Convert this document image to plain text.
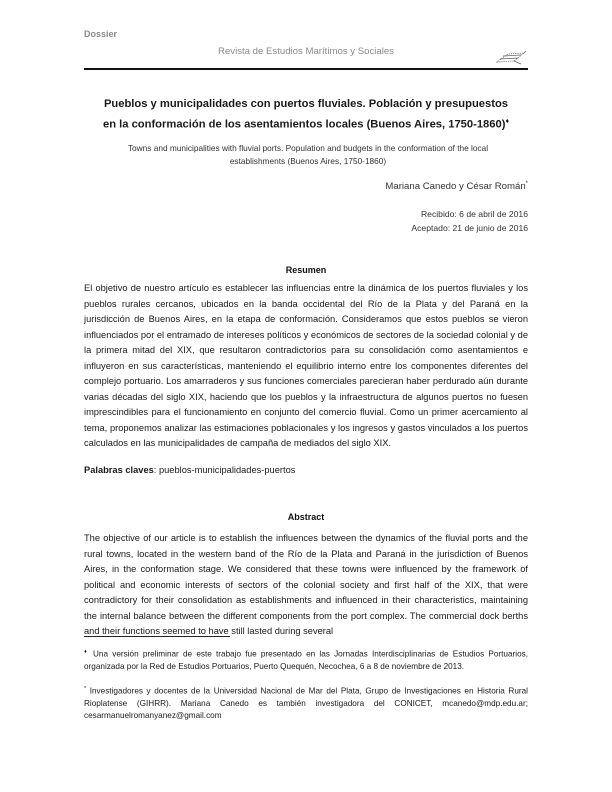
Dossier
Revista de Estudios Marítimos y Sociales
Pueblos y municipalidades con puertos fluviales. Población y presupuestos en la conformación de los asentamientos locales (Buenos Aires, 1750-1860)♦
Towns and municipalities with fluvial ports. Population and budgets in the conformation of the local establishments (Buenos Aires, 1750-1860)
Mariana Canedo y César Román*
Recibido: 6 de abril de 2016
Aceptado: 21 de junio de 2016
Resumen
El objetivo de nuestro artículo es establecer las influencias entre la dinámica de los puertos fluviales y los pueblos rurales cercanos, ubicados en la banda occidental del Río de la Plata y del Paraná en la jurisdicción de Buenos Aires, en la etapa de conformación. Consideramos que estos pueblos se vieron influenciados por el entramado de intereses políticos y económicos de sectores de la sociedad colonial y de la primera mitad del XIX, que resultaron contradictorios para su consolidación como asentamientos e influyeron en sus características, manteniendo el equilibrio interno entre los componentes diferentes del complejo portuario. Los amarraderos y sus funciones comerciales parecieran haber perdurado aún durante varias décadas del siglo XIX, haciendo que los pueblos y la infraestructura de algunos puertos no fuesen imprescindibles para el funcionamiento en conjunto del comercio fluvial. Como un primer acercamiento al tema, proponemos analizar las estimaciones poblacionales y los ingresos y gastos vinculados a los puertos calculados en las municipalidades de campaña de mediados del siglo XIX.
Palabras claves: pueblos-municipalidades-puertos
Abstract
The objective of our article is to establish the influences between the dynamics of the fluvial ports and the rural towns, located in the western band of the Río de la Plata and Paraná in the jurisdiction of Buenos Aires, in the conformation stage. We considered that these towns were influenced by the framework of political and economic interests of sectors of the colonial society and first half of the XIX, that were contradictory for their consolidation as establishments and influenced in their characteristics, maintaining the internal balance between the different components from the port complex. The commercial dock berths and their functions seemed to have still lasted during several
♦ Una versión preliminar de este trabajo fue presentado en las Jornadas Interdisciplinarias de Estudios Portuarios, organizada por la Red de Estudios Portuarios, Puerto Quequén, Necochea, 6 a 8 de noviembre de 2013.
* Investigadores y docentes de la Universidad Nacional de Mar del Plata, Grupo de Investigaciones en Historia Rural Rioplatense (GIHRR). Mariana Canedo es también investigadora del CONICET, mcanedo@mdp.edu.ar; cesarmanuelromanyanez@gmail.com
